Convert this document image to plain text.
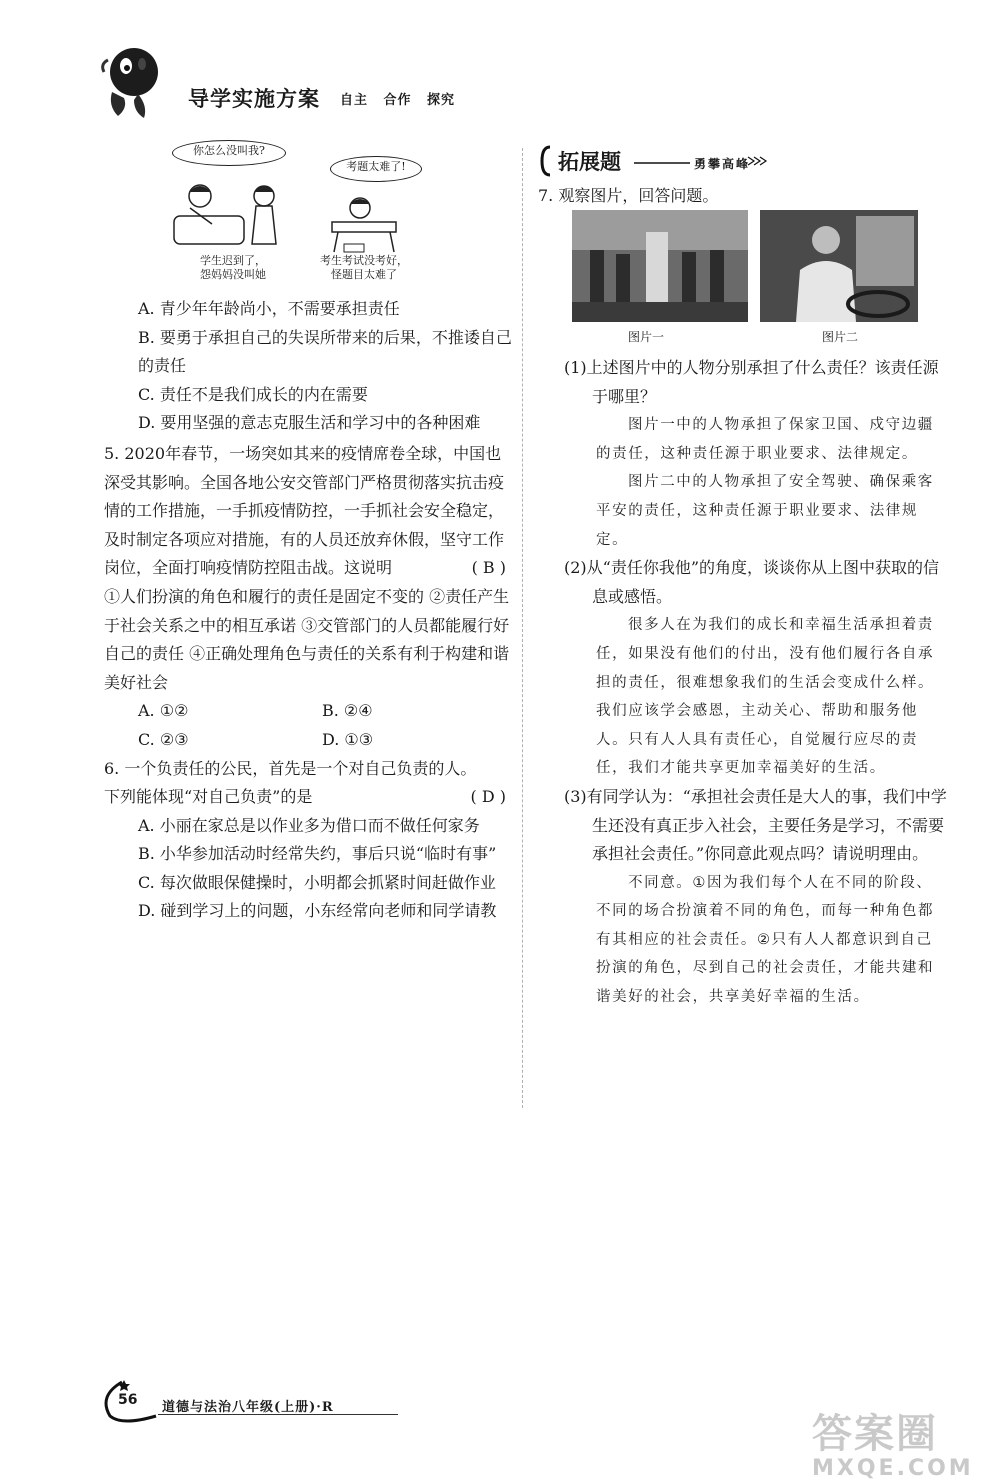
导学实施方案 自主 合作 探究
你怎么没叫我?
考题太难了!
学生迟到了，
怨妈妈没叫她
考生考试没考好，
怪题目太难了

A. 青少年年龄尚小，不需要承担责任

B. 要勇于承担自己的失误所带来的后果，不推诿自己的责任

C. 责任不是我们成长的内在需要

D. 要用坚强的意志克服生活和学习中的各种困难

5. 2020年春节，一场突如其来的疫情席卷全球，中国也深受其影响。全国各地公安交管部门严格贯彻落实抗击疫情的工作措施，一手抓疫情防控，一手抓社会安全稳定，及时制定各项应对措施，有的人员还放弃休假，坚守工作岗位，全面打响疫情防控阻击战。这说明	( B )

①人们扮演的角色和履行的责任是固定不变的 ②责任产生于社会关系之中的相互承诺 ③交管部门的人员都能履行好自己的责任 ④正确处理角色与责任的关系有利于构建和谐美好社会

A. ①②	B. ②④
C. ②③	D. ①③

6. 一个负责任的公民，首先是一个对自己负责的人。

下列能体现“对自己负责”的是	( D )

A. 小丽在家总是以作业多为借口而不做任何家务

B. 小华参加活动时经常失约，事后只说“临时有事”

C. 每次做眼保健操时，小明都会抓紧时间赶做作业

D. 碰到学习上的问题，小东经常向老师和同学请教

拓展题	勇攀高峰

7. 观察图片，回答问题。

图片一	图片二

(1)上述图片中的人物分别承担了什么责任？该责任源于哪里？

图片一中的人物承担了保家卫国、戍守边疆的责任，这种责任源于职业要求、法律规定。

图片二中的人物承担了安全驾驶、确保乘客平安的责任，这种责任源于职业要求、法律规定。

(2)从“责任你我他”的角度，谈谈你从上图中获取的信息或感悟。

很多人在为我们的成长和幸福生活承担着责任，如果没有他们的付出，没有他们履行各自承担的责任，很难想象我们的生活会变成什么样。我们应该学会感恩，主动关心、帮助和服务他人。只有人人具有责任心，自觉履行应尽的责任，我们才能共享更加幸福美好的生活。

(3)有同学认为：“承担社会责任是大人的事，我们中学生还没有真正步入社会，主要任务是学习，不需要承担社会责任。”你同意此观点吗？请说明理由。

不同意。①因为我们每个人在不同的阶段、不同的场合扮演着不同的角色，而每一种角色都有其相应的社会责任。②只有人人都意识到自己扮演的角色，尽到自己的社会责任，才能共建和谐美好的社会，共享美好幸福的生活。

56 道德与法治八年级(上册)·R
答案圈
MXQE.COM
